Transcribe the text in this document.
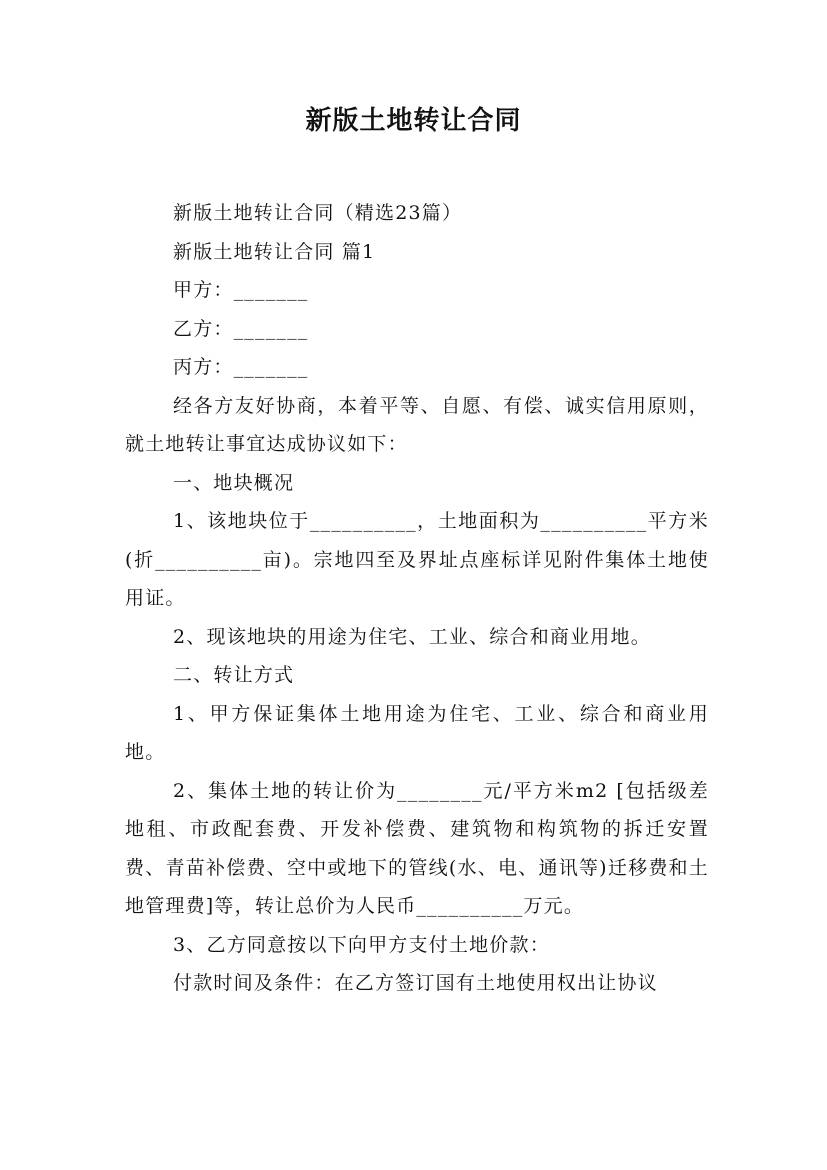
新版土地转让合同

新版土地转让合同（精选23篇）

新版土地转让合同 篇1

甲方：_______

乙方：_______

丙方：_______

经各方友好协商，本着平等、自愿、有偿、诚实信用原则，就土地转让事宜达成协议如下：

一、地块概况

1、该地块位于__________，土地面积为__________平方米(折__________亩)。宗地四至及界址点座标详见附件集体土地使用证。

2、现该地块的用途为住宅、工业、综合和商业用地。

二、转让方式

1、甲方保证集体土地用途为住宅、工业、综合和商业用地。

2、集体土地的转让价为________元/平方米m2 [包括级差地租、市政配套费、开发补偿费、建筑物和构筑物的拆迁安置费、青苗补偿费、空中或地下的管线(水、电、通讯等)迁移费和土地管理费]等，转让总价为人民币__________万元。

3、乙方同意按以下向甲方支付土地价款：

付款时间及条件：在乙方签订国有土地使用权出让协议
